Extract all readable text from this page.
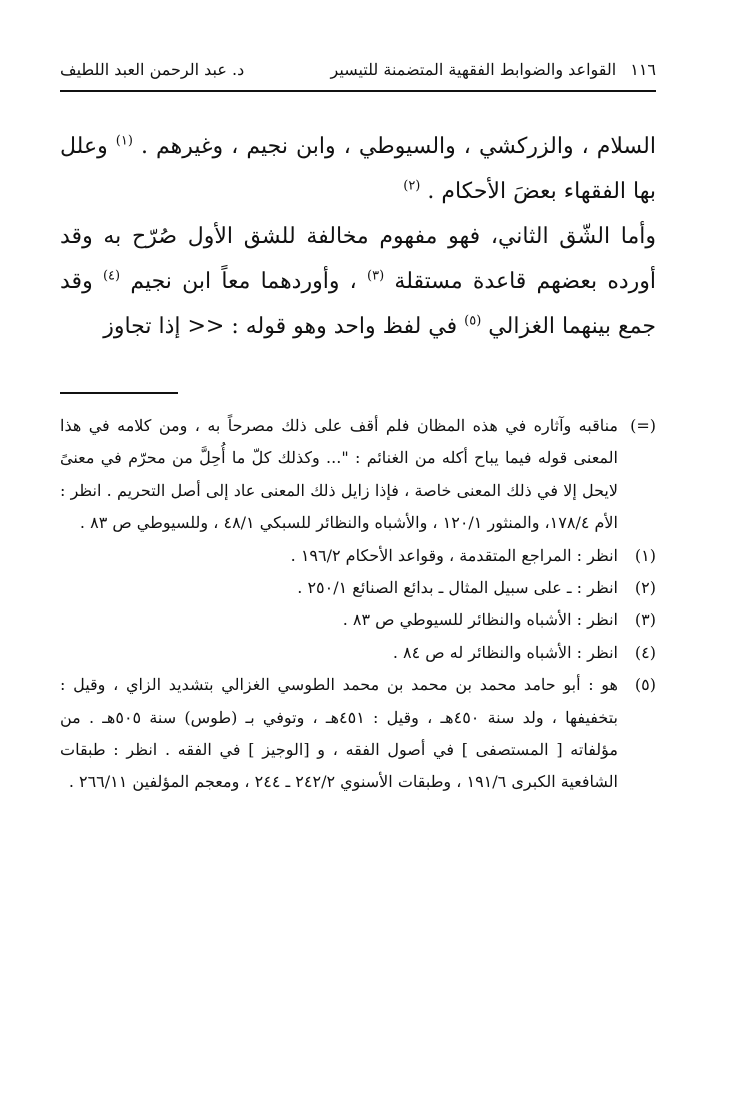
١١٦
القواعد والضوابط الفقهية المتضمنة للتيسير
د. عبد الرحمن العبد اللطيف

السلام ، والزركشي ، والسيوطي ، وابن نجيم ، وغيرهم . $^{(١)}$ وعلل بها الفقهاء بعضَ الأحكام . $^{(٢)}$

وأما الشّق الثاني، فهو مفهوم مخالفة للشق الأول صُرّح به وقد أورده بعضهم قاعدة مستقلة $^{(٣)}$ ، وأوردهما معاً ابن نجيم $^{(٤)}$ وقد جمع بينهما الغزالي $^{(٥)}$ في لفظ واحد وهو قوله : << إذا تجاوز

(=)
مناقبه وآثاره في هذه المظان فلم أقف على ذلك مصرحاً به ، ومن كلامه في هذا المعنى قوله فيما يباح أكله من الغنائم : "... وكذلك كلّ ما أُحِلَّ من محرّم في معنىً لايحل إلا في ذلك المعنى خاصة ، فإذا زايل ذلك المعنى عاد إلى أصل التحريم . انظر : الأم ١٧٨/٤، والمنثور ١٢٠/١ ، والأشباه والنظائر للسبكي ٤٨/١ ، وللسيوطي ص ٨٣ .
(١)
انظر : المراجع المتقدمة ، وقواعد الأحكام ١٩٦/٢ .
(٢)
انظر : ـ على سبيل المثال ـ بدائع الصنائع ٢٥٠/١ .
(٣)
انظر : الأشباه والنظائر للسيوطي ص ٨٣ .
(٤)
انظر : الأشباه والنظائر له ص ٨٤ .
(٥)
هو : أبو حامد محمد بن محمد بن محمد الطوسي الغزالي بتشديد الزاي ، وقيل : بتخفيفها ، ولد سنة ٤٥٠هـ ، وقيل : ٤٥١هـ ، وتوفي بـ (طوس) سنة ٥٠٥هـ . من مؤلفاته [ المستصفى ] في أصول الفقه ، و [الوجيز ] في الفقه . انظر : طبقات الشافعية الكبرى ١٩١/٦ ، وطبقات الأسنوي ٢٤٢/٢ ـ ٢٤٤ ، ومعجم المؤلفين ٢٦٦/١١ .
